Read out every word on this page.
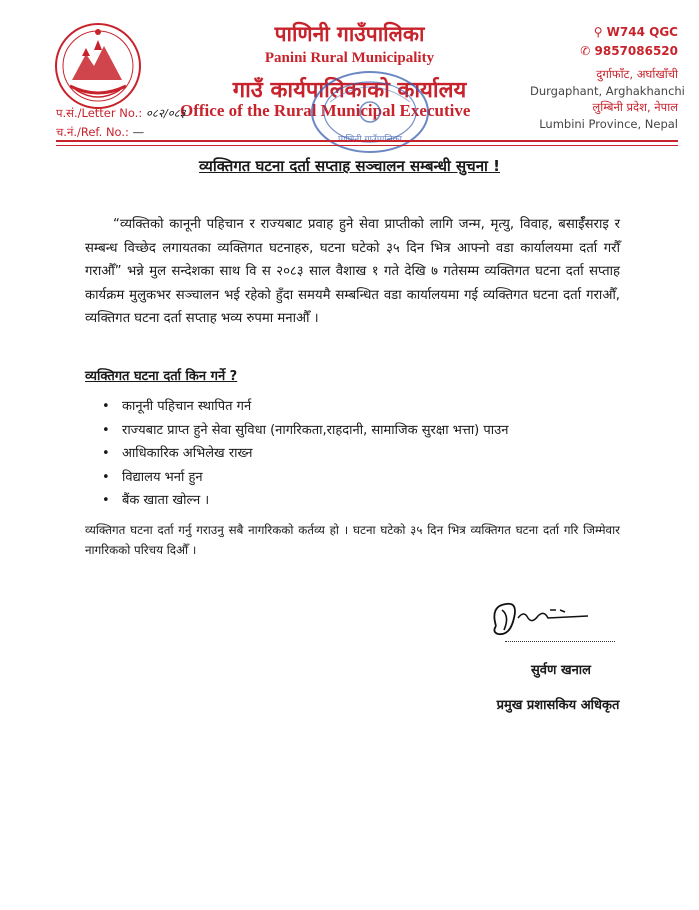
पाणिनी गाउँपालिका
Panini Rural Municipality
गाउँ कार्यपालिकाको कार्यालय
Office of the Rural Municipal Executive
प.सं./Letter No.: ०८२/०८३
च.नं./Ref. No.: —
⚲ W744 QGC
✆ 9857086520
दुर्गाफाँट, अर्घाखाँची
Durgaphant, Arghakhanchi
लुम्बिनी प्रदेश, नेपाल
Lumbini Province, Nepal
व्यक्तिगत घटना दर्ता सप्ताह सञ्चालन सम्बन्धी सुचना !
“व्यक्तिको कानूनी पहिचान र राज्यबाट प्रवाह हुने सेवा प्राप्तीको लागि जन्म, मृत्यु, विवाह, बसाईँसराइ र सम्बन्ध विच्छेद लगायतका व्यक्तिगत घटनाहरु, घटना घटेको ३५ दिन भित्र आफ्नो वडा कार्यालयमा दर्ता गरौँ गराऔँ” भन्ने मुल सन्देशका साथ वि स २०८३ साल वैशाख १ गते देखि ७ गतेसम्म व्यक्तिगत घटना दर्ता सप्ताह कार्यक्रम मुलुकभर सञ्चालन भई रहेको हुँदा समयमै सम्बन्धित वडा कार्यालयमा गई व्यक्तिगत घटना दर्ता गराऔँ, व्यक्तिगत घटना दर्ता सप्ताह भव्य रुपमा मनाऔँ ।
व्यक्तिगत घटना दर्ता किन गर्ने ?
• कानूनी पहिचान स्थापित गर्न
• राज्यबाट प्राप्त हुने सेवा सुविधा (नागरिकता,राहदानी, सामाजिक सुरक्षा भत्ता) पाउन
• आधिकारिक अभिलेख राख्न
• विद्यालय भर्ना हुन
• बैंक खाता खोल्न ।
व्यक्तिगत घटना दर्ता गर्नु गराउनु सबै नागरिकको कर्तव्य हो । घटना घटेको ३५ दिन भित्र व्यक्तिगत घटना दर्ता गरि जिम्मेवार नागरिकको परिचय दिऔँ ।
सुर्वण खनाल
प्रमुख प्रशासकिय अधिकृत
